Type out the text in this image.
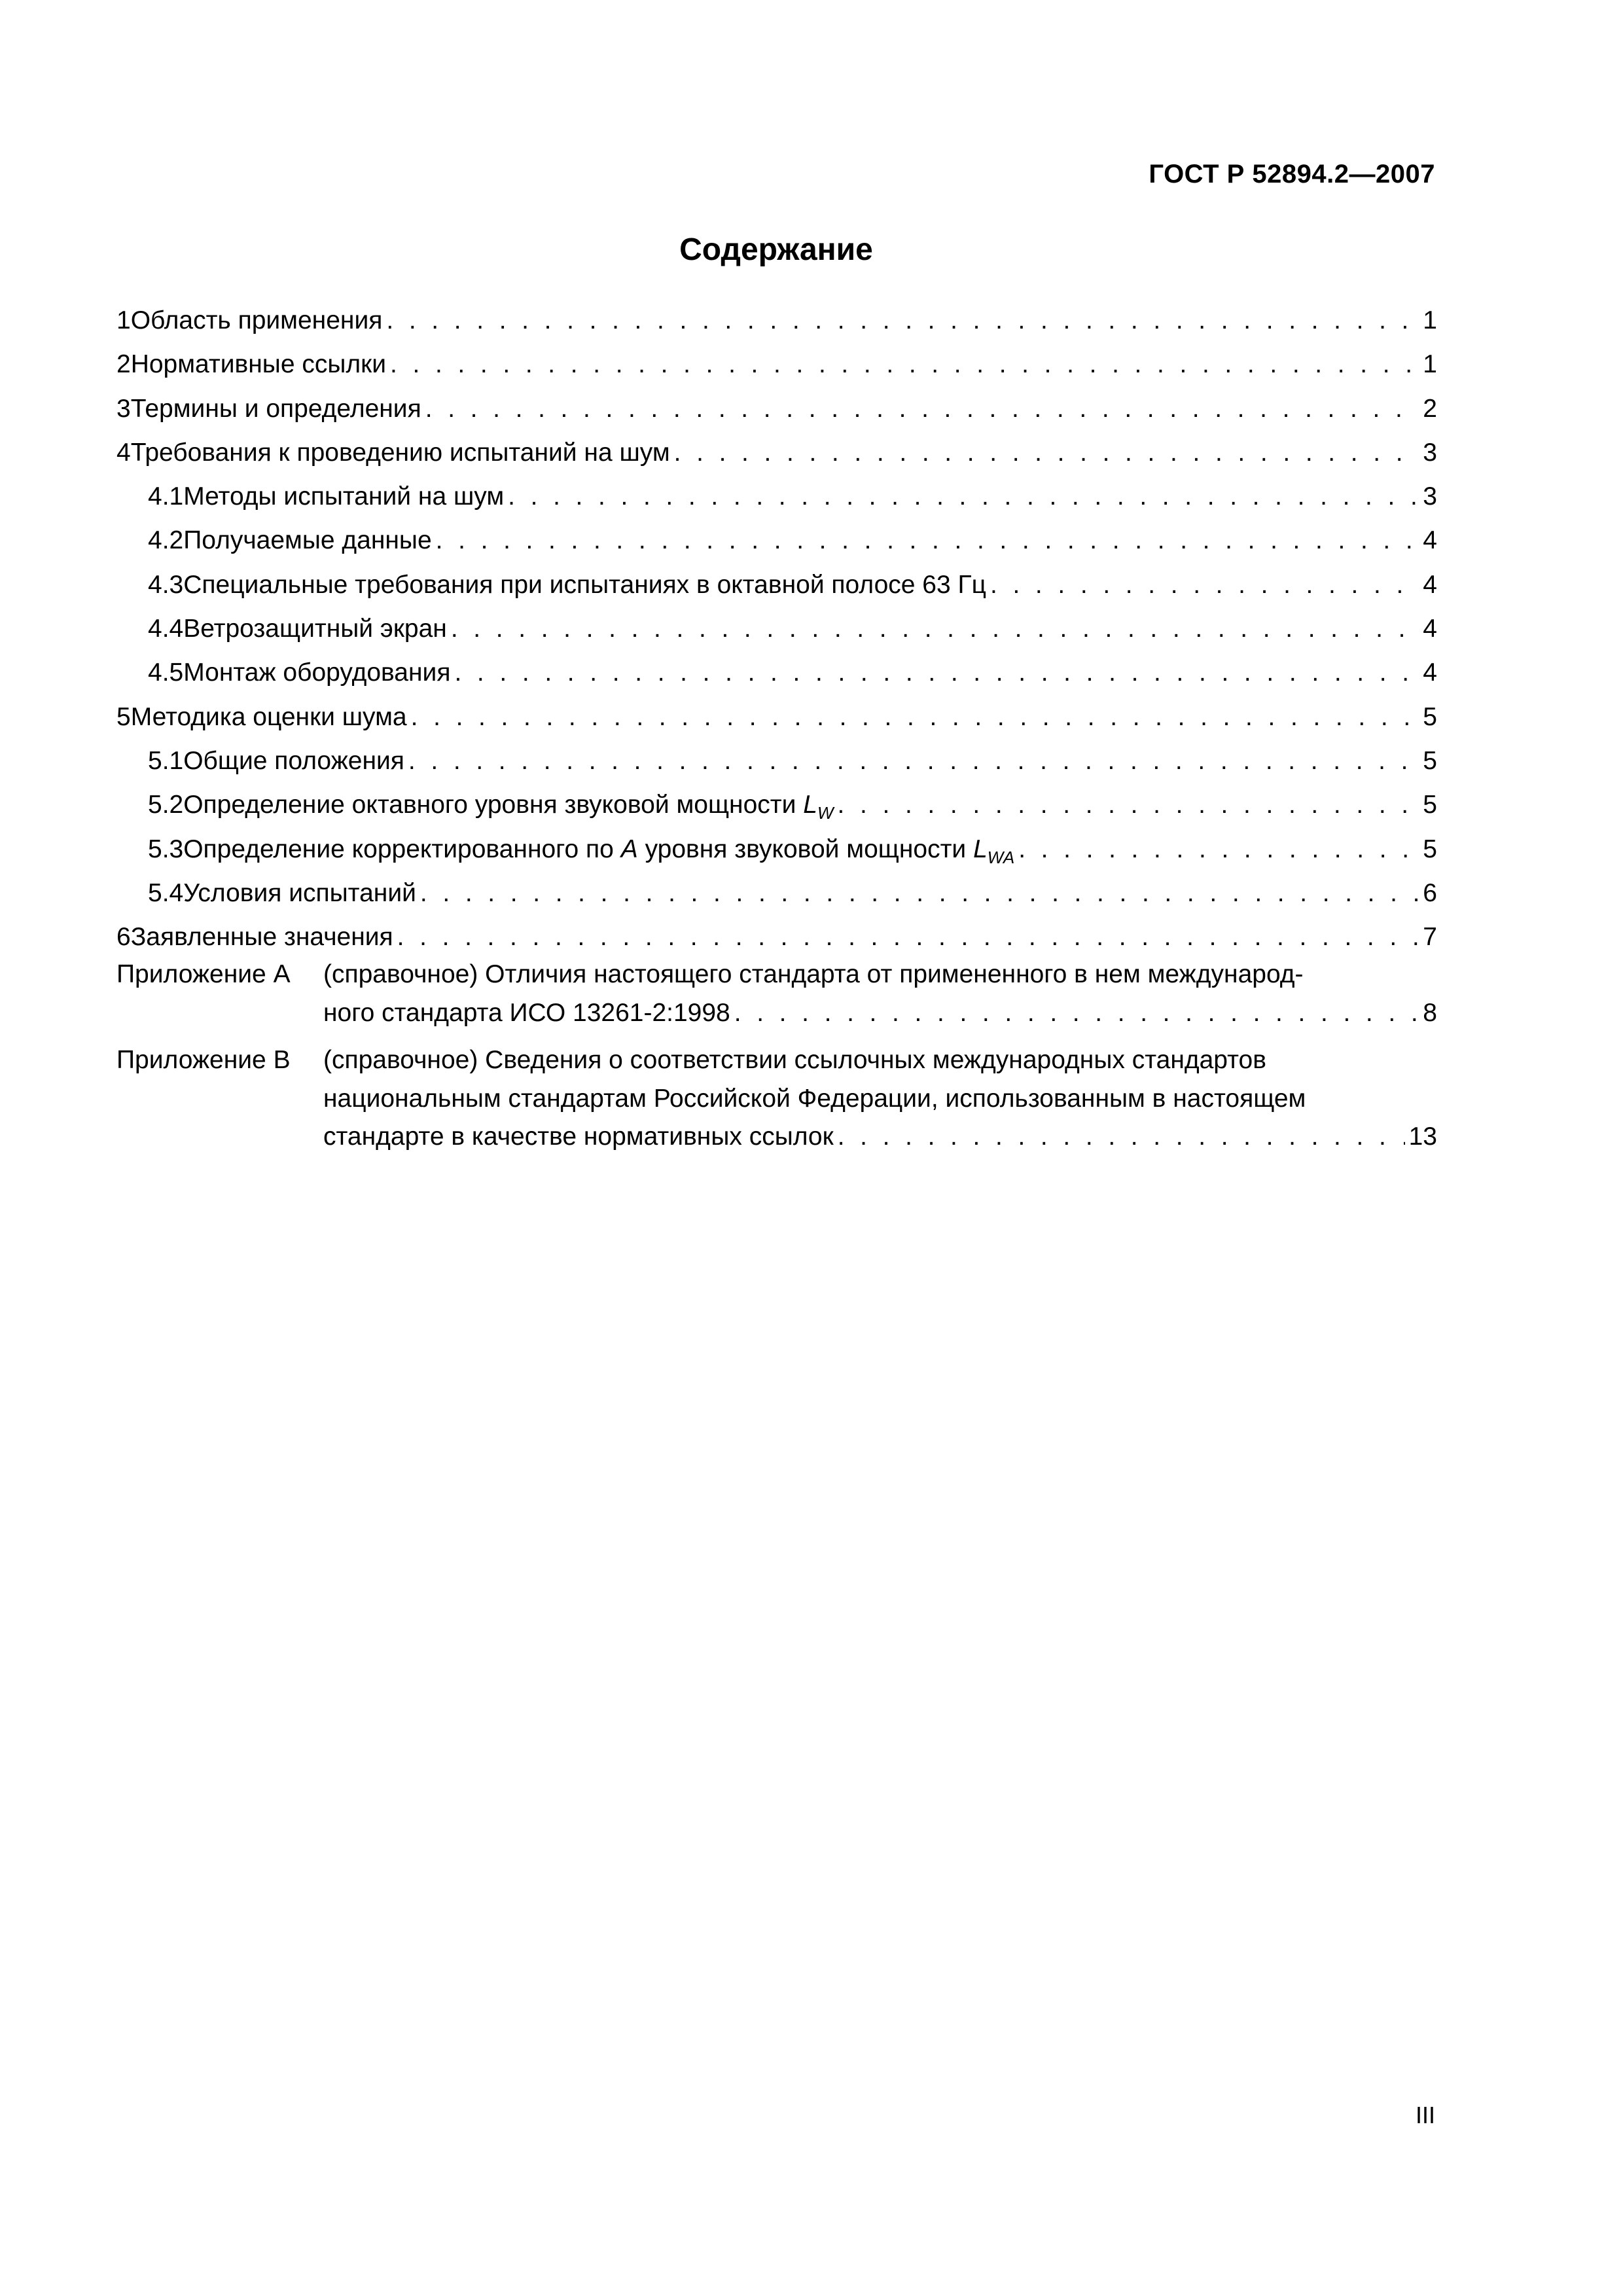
ГОСТ Р 52894.2—2007
Содержание
1 Область применения . . .	1
2 Нормативные ссылки . . .	1
3 Термины и определения . . .	2
4 Требования к проведению испытаний на шум . . .	3
4.1 Методы испытаний на шум . . .	3
4.2 Получаемые данные . . .	4
4.3 Специальные требования при испытаниях в октавной полосе 63 Гц . . .	4
4.4 Ветрозащитный экран . . .	4
4.5 Монтаж оборудования . . .	4
5 Методика оценки шума . . .	5
5.1 Общие положения . . .	5
5.2 Определение октавного уровня звуковой мощности $L_W$ . . .	5
5.3 Определение корректированного по A уровня звуковой мощности $L_{WA}$ . . .	5
5.4 Условия испытаний . . .	6
6 Заявленные значения . . .	7
Приложение А	(справочное) Отличия настоящего стандарта от примененного в нем международ-
ного стандарта ИСО 13261-2:1998 . . .	8
Приложение В	(справочное) Сведения о соответствии ссылочных международных стандартов
национальным стандартам Российской Федерации, использованным в настоящем
стандарте в качестве нормативных ссылок . . .	13
III
